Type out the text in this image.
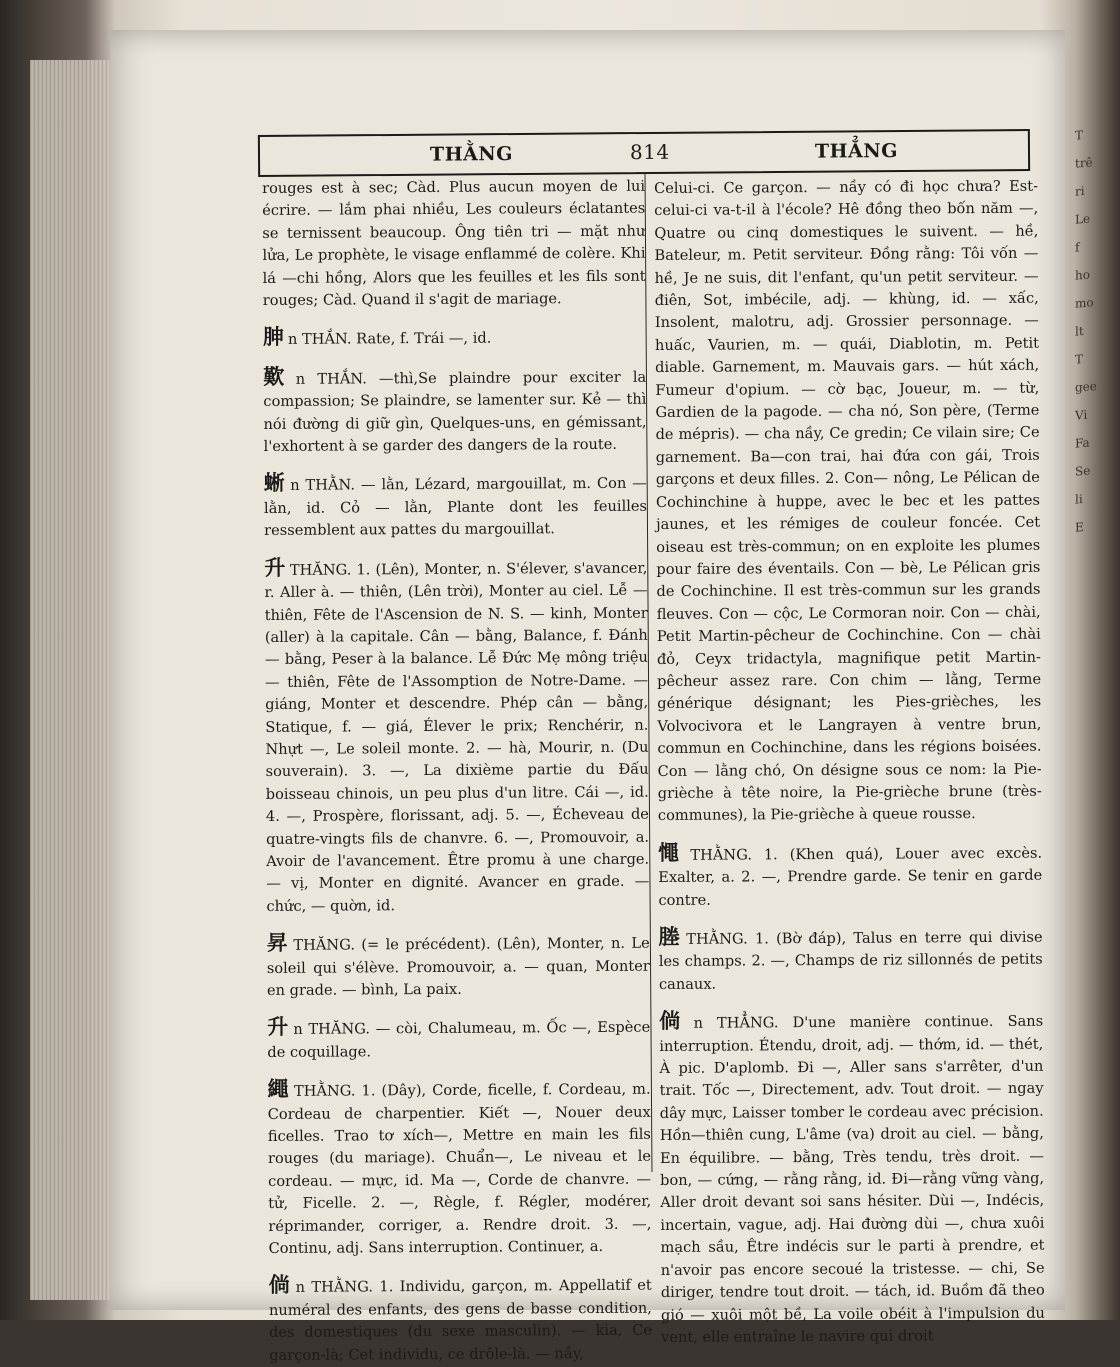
THẰNG	814	THẲNG

rouges est à sec; Càd. Plus aucun moyen de lui écrire. — lắm phai nhiều, Les couleurs éclatantes se ternissent beaucoup. Ông tiên tri — mặt như lửa, Le prophète, le visage enflammé de colère. Khi lá —chi hồng, Alors que les feuilles et les fils sont rouges; Càd. Quand il s'agit de mariage.

胂 n THẮN. Rate, f. Trái —, id.

歎 n THẮN. —thì,Se plaindre pour exciter la compassion; Se plaindre, se lamenter sur. Kẻ — thì nói đường di giữ gìn, Quelques-uns, en gémissant, l'exhortent à se garder des dangers de la route.

蜥 n THẰN. — lằn, Lézard, margouillat, m. Con — lằn, id. Cỏ — lằn, Plante dont les feuilles ressemblent aux pattes du margouillat.

升 THĂNG. 1. (Lên), Monter, n. S'élever, s'avancer, r. Aller à. — thiên, (Lên trời), Monter au ciel. Lễ — thiên, Fête de l'Ascension de N. S. — kinh, Monter (aller) à la capitale. Cân — bằng, Balance, f. Đánh — bằng, Peser à la balance. Lễ Đức Mẹ mông triệu — thiên, Fête de l'Assomption de Notre-Dame. — giáng, Monter et descendre. Phép cân — bằng, Statique, f. — giá, Élever le prix; Renchérir, n. Nhựt —, Le soleil monte. 2. — hà, Mourir, n. (Du souverain). 3. —, La dixième partie du Đấu boisseau chinois, un peu plus d'un litre. Cái —, id. 4. —, Prospère, florissant, adj. 5. —, Écheveau de quatre-vingts fils de chanvre. 6. —, Promouvoir, a. Avoir de l'avancement. Être promu à une charge. — vị, Monter en dignité. Avancer en grade. — chức, — quờn, id.

昇 THĂNG. (= le précédent). (Lên), Monter, n. Le soleil qui s'élève. Promouvoir, a. — quan, Monter en grade. — bình, La paix.

升 n THĂNG. — còi, Chalumeau, m. Ốc —, Espèce de coquillage.

繩 THẰNG. 1. (Dây), Corde, ficelle, f. Cordeau, m. Cordeau de charpentier. Kiết —, Nouer deux ficelles. Trao tơ xích—, Mettre en main les fils rouges (du mariage). Chuẩn—, Le niveau et le cordeau. — mực, id. Ma —, Corde de chanvre. — tử, Ficelle. 2. —, Règle, f. Régler, modérer, réprimander, corriger, a. Rendre droit. 3. —, Continu, adj. Sans interruption. Continuer, a.

倘 n THẰNG. 1. Individu, garçon, m. Appellatif et numéral des enfants, des gens de basse condition, des domestiques (du sexe masculin). — kia, Ce garçon-là; Cet individu, ce drôle-là. — nầy,

Celui-ci. Ce garçon. — nầy có đi học chưa? Est-celui-ci va-t-il à l'école? Hê đồng theo bốn năm —, Quatre ou cinq domestiques le suivent. — hề, Bateleur, m. Petit serviteur. Đồng rằng: Tôi vốn — hề, Je ne suis, dit l'enfant, qu'un petit serviteur. — điên, Sot, imbécile, adj. — khùng, id. — xấc, Insolent, malotru, adj. Grossier personnage. — huấc, Vaurien, m. — quái, Diablotin, m. Petit diable. Garnement, m. Mauvais gars. — hút xách, Fumeur d'opium. — cờ bạc, Joueur, m. — từ, Gardien de la pagode. — cha nó, Son père, (Terme de mépris). — cha nầy, Ce gredin; Ce vilain sire; Ce garnement. Ba—con trai, hai đứa con gái, Trois garçons et deux filles. 2. Con— nông, Le Pélican de Cochinchine à huppe, avec le bec et les pattes jaunes, et les rémiges de couleur foncée. Cet oiseau est très-commun; on en exploite les plumes pour faire des éventails. Con — bè, Le Pélican gris de Cochinchine. Il est très-commun sur les grands fleuves. Con — cộc, Le Cormoran noir. Con — chài, Petit Martin-pêcheur de Cochinchine. Con — chài đỏ, Ceyx tridactyla, magnifique petit Martin-pêcheur assez rare. Con chim — lằng, Terme générique désignant; les Pies-grièches, les Volvocivora et le Langrayen à ventre brun, commun en Cochinchine, dans les régions boisées. Con — lằng chó, On désigne sous ce nom: la Pie-grièche à tête noire, la Pie-grièche brune (très-communes), la Pie-grièche à queue rousse.

憴 THẰNG. 1. (Khen quá), Louer avec excès. Exalter, a. 2. —, Prendre garde. Se tenir en garde contre.

塍 THẰNG. 1. (Bờ đáp), Talus en terre qui divise les champs. 2. —, Champs de riz sillonnés de petits canaux.

倘 n THẲNG. D'une manière continue. Sans interruption. Étendu, droit, adj. — thớm, id. — thét, À pic. D'aplomb. Đi —, Aller sans s'arrêter, d'un trait. Tốc —, Directement, adv. Tout droit. — ngay dây mực, Laisser tomber le cordeau avec précision. Hồn—thiên cung, L'âme (va) droit au ciel. — bằng, En équilibre. — bằng, Très tendu, très droit. — bon, — cứng, — rằng rằng, id. Đi—rằng vững vàng, Aller droit devant soi sans hésiter. Dùi —, Indécis, incertain, vague, adj. Hai đường dùi —, chưa xuôi mạch sầu, Être indécis sur le parti à prendre, et n'avoir pas encore secoué la tristesse. — chi, Se diriger, tendre tout droit. — tách, id. Buồm đã theo gió — xuôi một bề, La voile obéit à l'impulsion du vent, elle entraîne le navire qui droit

T
trê
ri
Le
f
ho
mo
lt
T
gee
Vi
Fa
Se
li
E
